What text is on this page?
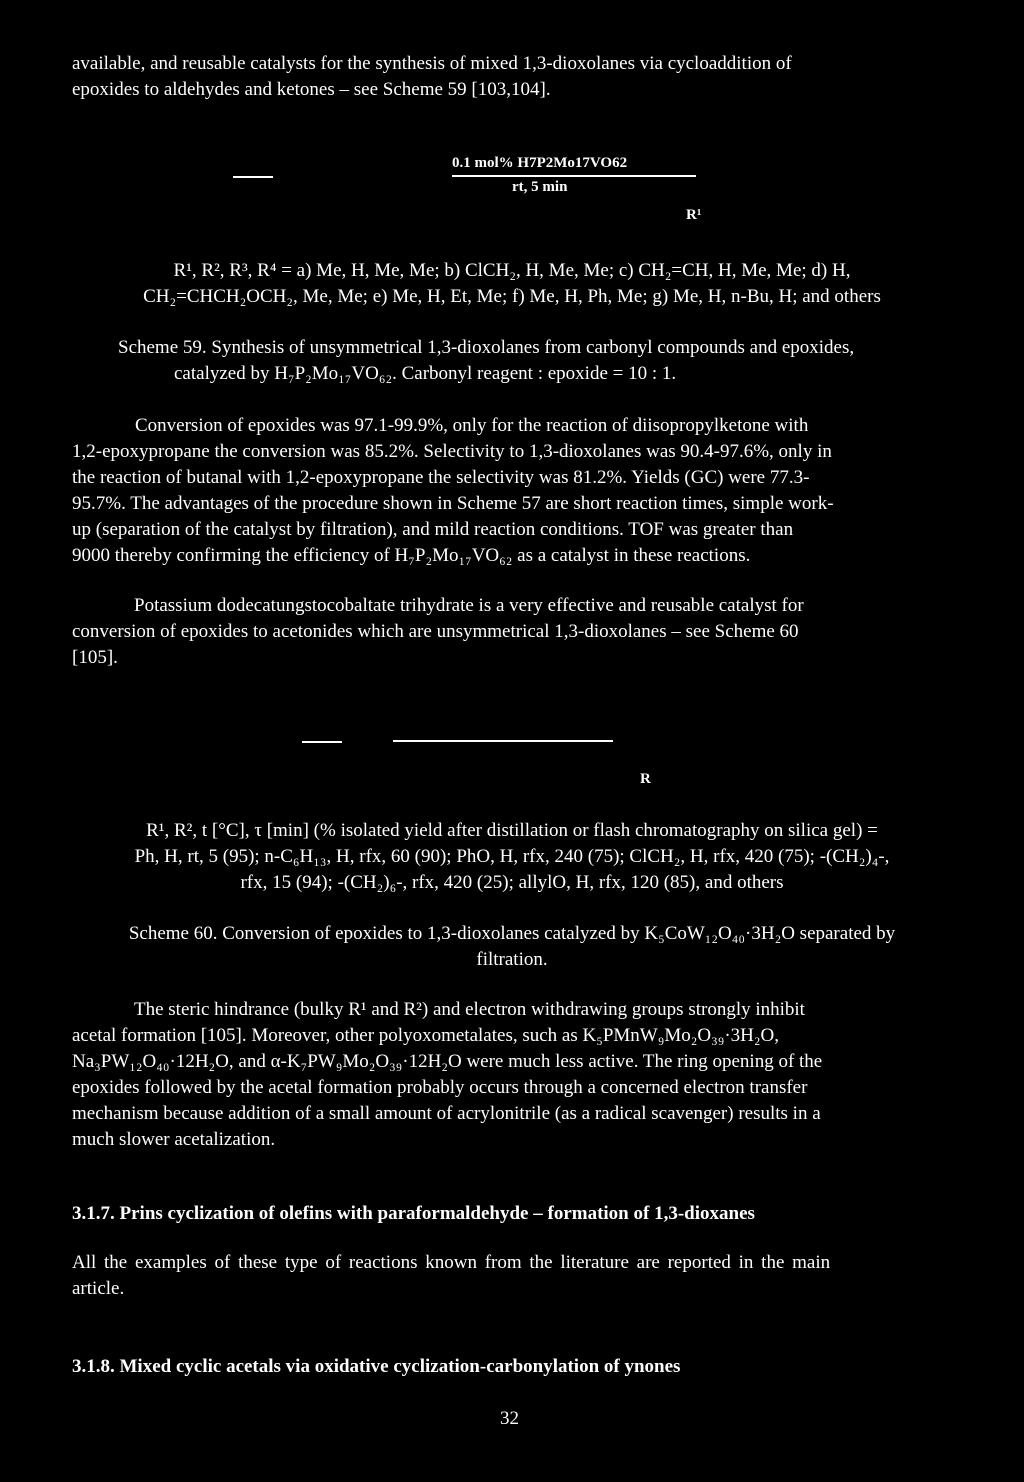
available, and reusable catalysts for the synthesis of mixed 1,3-dioxolanes via cycloaddition of
epoxides to aldehydes and ketones – see Scheme 59 [103,104].
0.1 mol% H7P2Mo17VO62
rt, 5 min
R¹
R¹, R², R³, R⁴ = a) Me, H, Me, Me; b) ClCH₂, H, Me, Me; c) CH₂=CH, H, Me, Me; d) H,
CH₂=CHCH₂OCH₂, Me, Me; e) Me, H, Et, Me; f) Me, H, Ph, Me; g) Me, H, n-Bu, H; and others
Scheme 59. Synthesis of unsymmetrical 1,3-dioxolanes from carbonyl compounds and epoxides,
catalyzed by H₇P₂Mo₁₇VO₆₂. Carbonyl reagent : epoxide = 10 : 1.
Conversion of epoxides was 97.1-99.9%, only for the reaction of diisopropylketone with
1,2-epoxypropane the conversion was 85.2%. Selectivity to 1,3-dioxolanes was 90.4-97.6%, only in
the reaction of butanal with 1,2-epoxypropane the selectivity was 81.2%. Yields (GC) were 77.3-
95.7%. The advantages of the procedure shown in Scheme 57 are short reaction times, simple work-
up (separation of the catalyst by filtration), and mild reaction conditions. TOF was greater than
9000 thereby confirming the efficiency of H₇P₂Mo₁₇VO₆₂ as a catalyst in these reactions.
Potassium dodecatungstocobaltate trihydrate is a very effective and reusable catalyst for
conversion of epoxides to acetonides which are unsymmetrical 1,3-dioxolanes – see Scheme 60
[105].
R
R¹, R², t [°C], τ [min] (% isolated yield after distillation or flash chromatography on silica gel) =
Ph, H, rt, 5 (95); n-C₆H₁₃, H, rfx, 60 (90); PhO, H, rfx, 240 (75); ClCH₂, H, rfx, 420 (75); -(CH₂)₄-,
rfx, 15 (94); -(CH₂)₆-, rfx, 420 (25); allylO, H, rfx, 120 (85), and others
Scheme 60. Conversion of epoxides to 1,3-dioxolanes catalyzed by K₅CoW₁₂O₄₀·3H₂O separated by
filtration.
The steric hindrance (bulky R¹ and R²) and electron withdrawing groups strongly inhibit
acetal formation [105]. Moreover, other polyoxometalates, such as K₅PMnW₉Mo₂O₃₉·3H₂O,
Na₃PW₁₂O₄₀·12H₂O, and α-K₇PW₉Mo₂O₃₉·12H₂O were much less active. The ring opening of the
epoxides followed by the acetal formation probably occurs through a concerned electron transfer
mechanism because addition of a small amount of acrylonitrile (as a radical scavenger) results in a
much slower acetalization.
3.1.7. Prins cyclization of olefins with paraformaldehyde – formation of 1,3-dioxanes
All the examples of these type of reactions known from the literature are reported in the main
article.
3.1.8. Mixed cyclic acetals via oxidative cyclization-carbonylation of ynones
32
